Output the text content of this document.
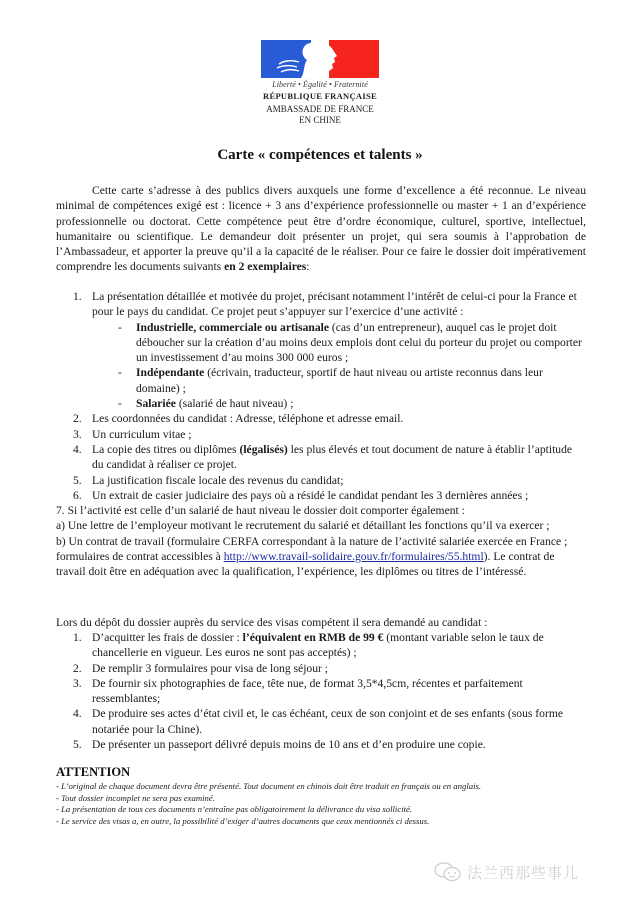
Liberté • Égalité • Fraternité
RÉPUBLIQUE FRANÇAISE
AMBASSADE DE FRANCE
EN CHINE
Carte « compétences et talents »
Cette carte s’adresse à des publics divers auxquels une forme d’excellence a été reconnue. Le niveau minimal de compétences exigé est : licence + 3 ans d’expérience professionnelle ou master + 1 an d’expérience professionnelle ou doctorat. Cette compétence peut être d’ordre économique, culturel, sportive, intellectuel, humanitaire ou scientifique. Le demandeur doit présenter un projet, qui sera soumis à l’approbation de l’Ambassadeur, et apporter la preuve qu’il a la capacité de le réaliser. Pour ce faire le dossier doit impérativement comprendre les documents suivants en 2 exemplaires:
1. La présentation détaillée et motivée du projet, précisant notamment l’intérêt de celui-ci pour la France et pour le pays du candidat. Ce projet peut s’appuyer sur l’exercice d’une activité :
- Industrielle, commerciale ou artisanale (cas d’un entrepreneur), auquel cas le projet doit déboucher sur la création d’au moins deux emplois dont celui du porteur du projet ou comporter un investissement d’au moins 300 000 euros ;
- Indépendante (écrivain, traducteur, sportif de haut niveau ou artiste reconnus dans leur domaine) ;
- Salariée (salarié de haut niveau) ;
2. Les coordonnées du candidat : Adresse, téléphone et adresse email.
3. Un curriculum vitae ;
4. La copie des titres ou diplômes (légalisés) les plus élevés et tout document de nature à établir l’aptitude du candidat à réaliser ce projet.
5. La justification fiscale locale des revenus du candidat;
6. Un extrait de casier judiciaire des pays où a résidé le candidat pendant les 3 dernières années ;
7. Si l’activité est celle d’un salarié de haut niveau le dossier doit comporter également :
a) Une lettre de l’employeur motivant le recrutement du salarié et détaillant les fonctions qu’il va exercer ;
b) Un contrat de travail (formulaire CERFA correspondant à la nature de l’activité salariée exercée en France ; formulaires de contrat accessibles à http://www.travail-solidaire.gouv.fr/formulaires/55.html). Le contrat de travail doit être en adéquation avec la qualification, l’expérience, les diplômes ou titres de l’intéressé.
Lors du dépôt du dossier auprès du service des visas compétent il sera demandé au candidat :
1. D’acquitter les frais de dossier : l’équivalent en RMB de 99 € (montant variable selon le taux de chancellerie en vigueur. Les euros ne sont pas acceptés) ;
2. De remplir 3 formulaires pour visa de long séjour ;
3. De fournir six photographies de face, tête nue, de format 3,5*4,5cm, récentes et parfaitement ressemblantes;
4. De produire ses actes d’état civil et, le cas échéant, ceux de son conjoint et de ses enfants (sous forme notariée pour la Chine).
5. De présenter un passeport délivré depuis moins de 10 ans et d’en produire une copie.
ATTENTION
- L’original de chaque document devra être présenté. Tout document en chinois doit être traduit en français ou en anglais.
- Tout dossier incomplet ne sera pas examiné.
- La présentation de tous ces documents n’entraîne pas obligatoirement la délivrance du visa sollicité.
- Le service des visas a, en outre, la possibilité d’exiger d’autres documents que ceux mentionnés ci dessus.
法兰西那些事儿
